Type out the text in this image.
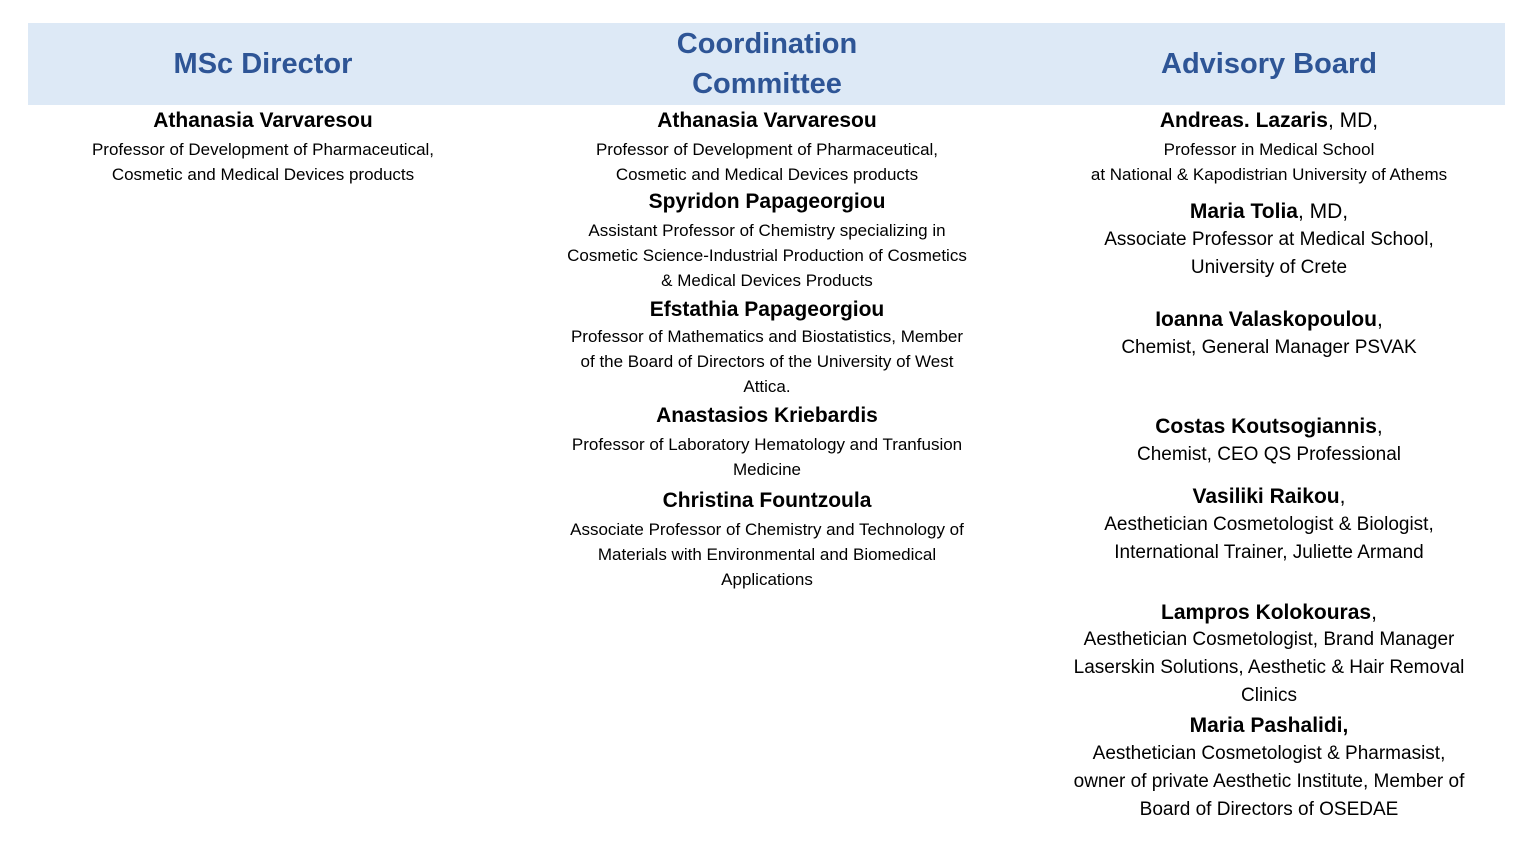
MSc Director
Coordination
Committee
Advisory Board
Athanasia Varvaresou
Professor of Development of Pharmaceutical,
Cosmetic and Medical Devices products
Athanasia Varvaresou
Professor of Development of Pharmaceutical,
Cosmetic and Medical Devices products
Spyridon Papageorgiou
Assistant Professor of Chemistry specializing in
Cosmetic Science-Industrial Production of Cosmetics
& Medical Devices Products
Efstathia Papageorgiou
Professor of Mathematics and Biostatistics, Member
of the Board of Directors of the University of West
Attica.
Anastasios Kriebardis
Professor of Laboratory Hematology and Tranfusion
Medicine
Christina Fountzoula
Associate Professor of Chemistry and Technology of
Materials with Environmental and Biomedical
Applications
Andreas. Lazaris, MD,
Professor in Medical School
at National & Kapodistrian University of Athems
Maria Tolia, MD,
Associate Professor at Medical School,
University of Crete
Ioanna Valaskopoulou,
Chemist, General Manager PSVAK
Costas Koutsogiannis,
Chemist, CEO QS Professional
Vasiliki Raikou,
Aesthetician Cosmetologist & Biologist,
International Trainer, Juliette Armand
Lampros Kolokouras,
Aesthetician Cosmetologist, Brand Manager
Laserskin Solutions, Aesthetic & Hair Removal
Clinics
Maria Pashalidi,
Aesthetician Cosmetologist & Pharmasist,
owner of private Aesthetic Institute, Member of
Board of Directors of OSEDAE
